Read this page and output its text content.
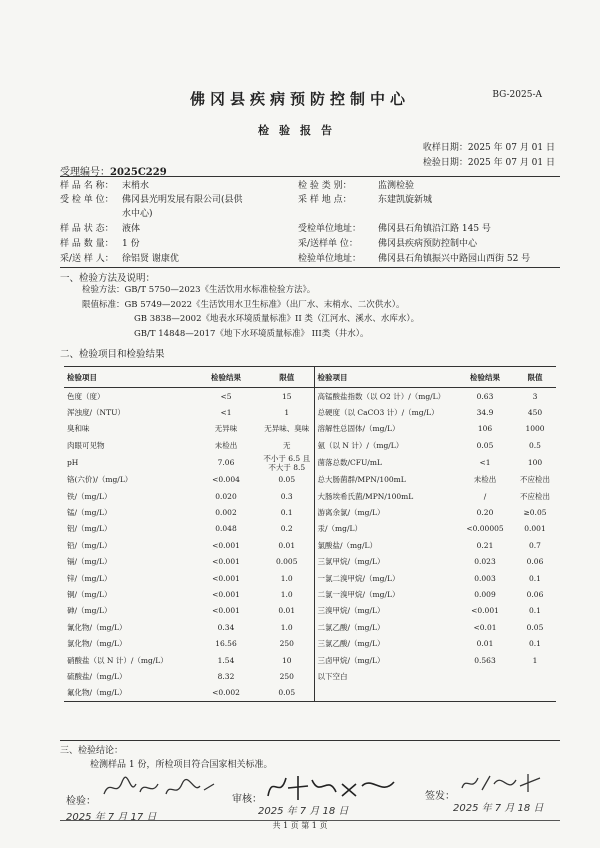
佛冈县疾病预防控制中心	BG-2025-A
检验报告
收样日期：2025 年 07 月 01 日
检验日期：2025 年 07 月 01 日
受理编号：2025C229
样 品 名 称： 末梢水	检 验 类 别：	监测检验
受 检 单 位： 佛冈县光明发展有限公司(县供	采 样 地 点：	东建凯旋新城
水中心)
样 品 状 态： 液体	受检单位地址： 佛冈县石角镇沿江路 145 号
样 品 数 量： 1 份	采/送样单 位： 佛冈县疾病预防控制中心
采/送 样 人： 徐铝贤 谢康优	检验单位地址： 佛冈县石角镇振兴中路园山西街 52 号
一、检验方法及说明：
检验方法：GB/T 5750—2023《生活饮用水标准检验方法》。
限值标准：GB 5749—2022《生活饮用水卫生标准》（出厂水、末梢水、二次供水）。
GB 3838—2002《地表水环境质量标准》II 类（江河水、溪水、水库水）。
GB/T 14848—2017《地下水环境质量标准》 III类（井水）。
二、检验项目和检验结果
检验项目	检验结果	限值	检验项目	检验结果	限值
色度（度）	<5	15	高锰酸盐指数（以 O2 计）/（mg/L）	0.63	3
浑浊度/（NTU）	<1	1	总硬度（以 CaCO3 计）/（mg/L）	34.9	450
臭和味	无异味	无异味、臭味	溶解性总固体/（mg/L）	106	1000
肉眼可见物	未检出	无	氨（以 N 计）/（mg/L）	0.05	0.5
pH	7.06	不小于 6.5 且不大于 8.5	菌落总数/CFU/mL	<1	100
铬(六价)/（mg/L）	<0.004	0.05	总大肠菌群/MPN/100mL	未检出	不应检出
铁/（mg/L）	0.020	0.3	大肠埃希氏菌/MPN/100mL	/	不应检出
锰/（mg/L）	0.002	0.1	游离余氯/（mg/L）	0.20	≥0.05
铝/（mg/L）	0.048	0.2	汞/（mg/L）	<0.00005	0.001
铅/（mg/L）	<0.001	0.01	氯酸盐/（mg/L）	0.21	0.7
镉/（mg/L）	<0.001	0.005	三氯甲烷/（mg/L）	0.023	0.06
锌/（mg/L）	<0.001	1.0	一氯二溴甲烷/（mg/L）	0.003	0.1
铜/（mg/L）	<0.001	1.0	二氯一溴甲烷/（mg/L）	0.009	0.06
砷/（mg/L）	<0.001	0.01	三溴甲烷/（mg/L）	<0.001	0.1
氰化物/（mg/L）	0.34	1.0	二氯乙酸/（mg/L）	<0.01	0.05
氯化物/（mg/L）	16.56	250	三氯乙酸/（mg/L）	0.01	0.1
硝酸盐（以 N 计）/（mg/L）	1.54	10	三卤甲烷/（mg/L）	0.563	1
硫酸盐/（mg/L）	8.32	250	以下空白		
氟化物/（mg/L）	<0.002	0.05			
三、检验结论：
检测样品 1 份，所检项目符合国家相关标准。
检验：
2025 年 7 月 17 日
审核：
2025 年 7 月 18 日
签发：
2025 年 7 月 18 日
共 1 页 第 1 页
